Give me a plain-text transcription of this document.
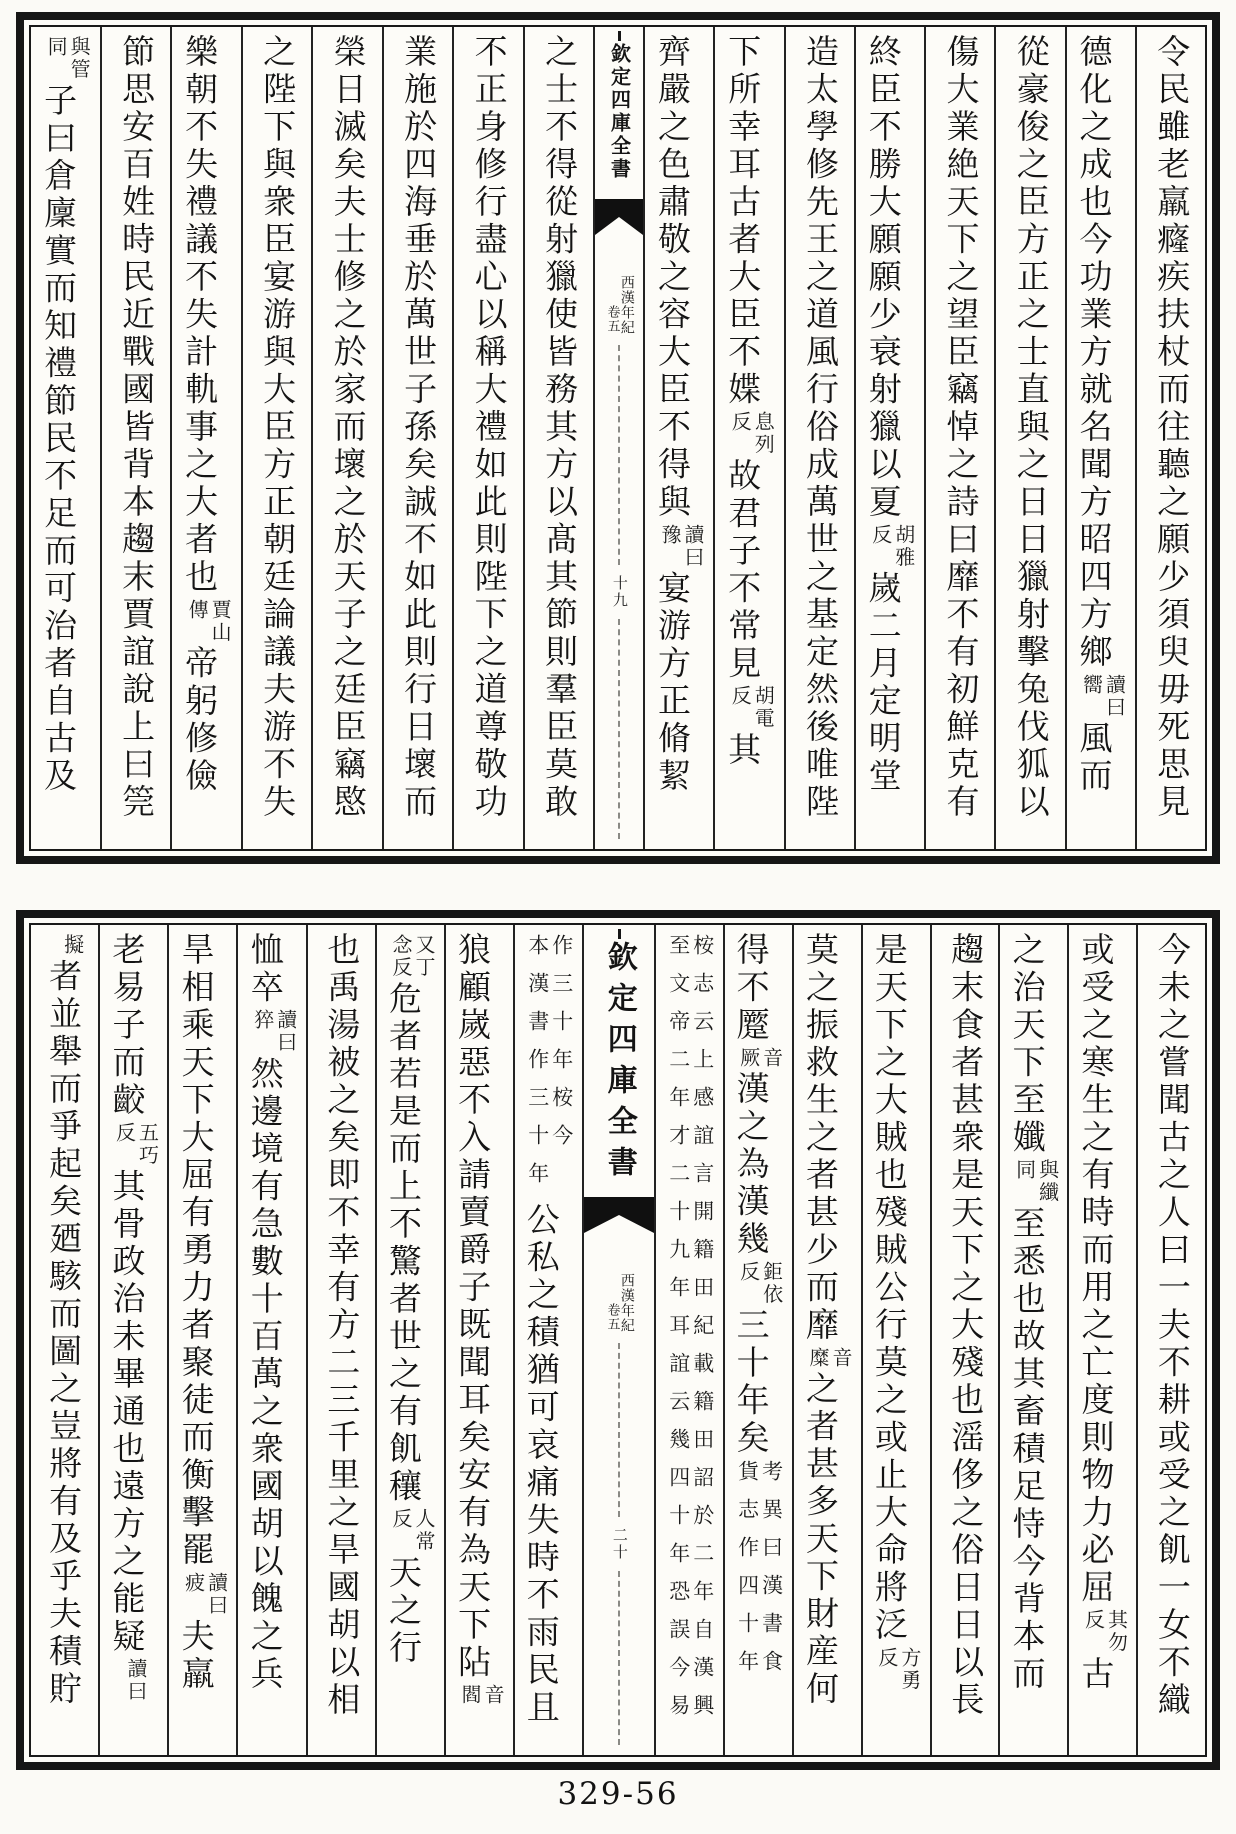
令民雖老羸癃疾扶杖而往聽之願少須臾毋死思見
德化之成也今功業方就名聞方昭四方鄉
讀曰
嚮
風而
從豪俊之臣方正之士直與之日日獵射擊兔伐狐以
傷大業絶天下之望臣竊悼之詩曰靡不有初鮮克有
終臣不勝大願願少衰射獵以夏
胡雅
反
嵗二月定明堂
造太學修先王之道風行俗成萬世之基定然後唯陛
下所幸耳古者大臣不媟
息列
反
故君子不常見
胡電
反
其
齊嚴之色肅敬之容大臣不得與
讀曰
豫
宴游方正脩絜
欽定四庫全書
西漢年紀
卷五
十九
之士不得從射獵使皆務其方以髙其節則羣臣莫敢
不正身修行盡心以稱大禮如此則陛下之道尊敬功
業施於四海垂於萬世子孫矣誠不如此則行日壞而
榮日滅矣夫士修之於家而壞之於天子之廷臣竊愍
之陛下與衆臣宴游與大臣方正朝廷論議夫游不失
樂朝不失禮議不失計軌事之大者也
賈山
傳
帝躬修儉
節思安百姓時民近戰國皆背本趨末賈誼說上曰筦
與管
同
子曰倉廩實而知禮節民不足而可治者自古及
今未之嘗聞古之人曰一夫不耕或受之飢一女不織
或受之寒生之有時而用之亡度則物力必屈
其勿
反
古
之治天下至孅
與纖
同
至悉也故其畜積足恃今背本而
趨末食者甚衆是天下之大殘也滛侈之俗日日以長
是天下之大賊也殘賊公行莫之或止大命將泛
方勇
反
莫之振救生之者甚少而靡
音
糜
之者甚多天下財産何
得不蹷
音
厥
漢之為漢幾
鉅依
反
三十年矣
考異曰漢書食
貨志作四十年
桉志云上感誼言開籍田紀載籍田詔於二年自漢興
至文帝二年才二十九年耳誼云幾四十年恐誤今易
欽定四庫全書
西漢年紀
卷五
二十
作三十年桉今
本漢書作三十年
公私之積猶可哀痛失時不雨民且
狼顧嵗惡不入請賣爵子既聞耳矣安有為天下阽
音
閻
又丁
念反
危者若是而上不驚者世之有飢穰
人常
反
天之行
也禹湯被之矣即不幸有方二三千里之旱國胡以相
恤卒
讀曰
猝
然邊境有急數十百萬之衆國胡以餽之兵
旱相乘天下大屈有勇力者聚徒而衡擊罷
讀曰
疲
夫羸
老易子而齩
五巧
反
其骨政治未畢通也遠方之能疑
讀曰
擬
者並舉而爭起矣廼駭而圖之豈將有及乎夫積貯
329-56
